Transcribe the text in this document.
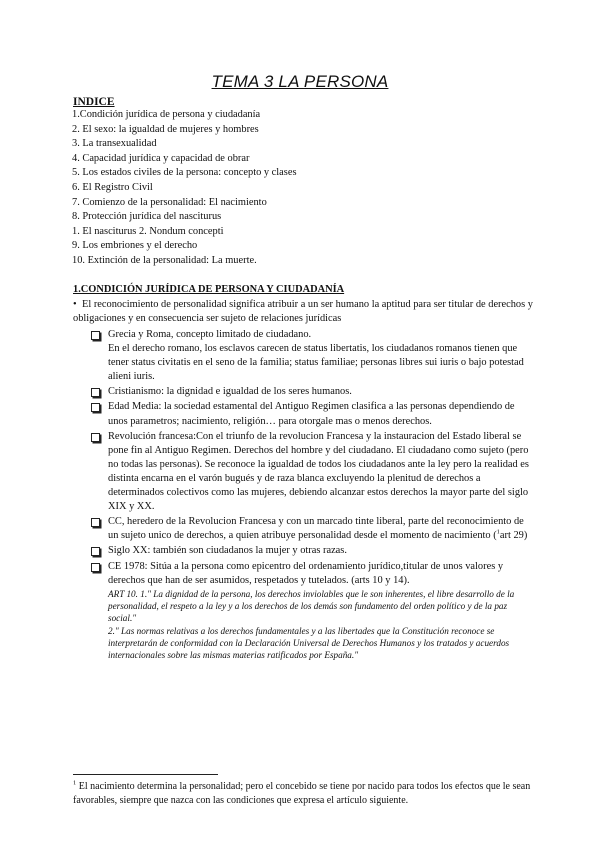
TEMA 3 LA PERSONA
INDICE
1.Condición jurídica de persona y ciudadanía
2. El sexo: la igualdad de mujeres y hombres
3. La transexualidad
4. Capacidad jurídica y capacidad de obrar
5. Los estados civiles de la persona: concepto y clases
6. El Registro Civil
7. Comienzo de la personalidad: El nacimiento
8. Protección jurídica del nasciturus
1. El nasciturus 2. Nondum concepti
9. Los embriones y el derecho
10. Extinción de la personalidad: La muerte.
1.CONDICIÓN JURÍDICA DE PERSONA Y CIUDADANÍA
• El reconocimiento de personalidad significa atribuir a un ser humano la aptitud para ser titular de derechos y obligaciones y en consecuencia ser sujeto de relaciones jurídicas
Grecia y Roma, concepto limitado de ciudadano.
En el derecho romano, los esclavos carecen de status libertatis, los ciudadanos romanos tienen que tener status civitatis en el seno de la familia; status familiae; personas libres sui iuris o bajo potestad alieni iuris.
Cristianismo: la dignidad e igualdad de los seres humanos.
Edad Media: la sociedad estamental del Antiguo Regimen clasifica a las personas dependiendo de unos parametros; nacimiento, religión… para otorgale mas o menos derechos.
Revolución francesa:Con el triunfo de la revolucion Francesa y la instauracion del Estado liberal se pone fin al Antiguo Regimen. Derechos del hombre y del ciudadano. El ciudadano como sujeto (pero no todas las personas). Se reconoce la igualdad de todos los ciudadanos ante la ley pero la realidad es distinta encarna en el varón bugués y de raza blanca excluyendo la plenitud de derechos a determinados colectivos como las mujeres, debiendo alcanzar estos derechos la mayor parte del siglo XIX y XX.
CC, heredero de la Revolucion Francesa y con un marcado tinte liberal, parte del reconocimiento de un sujeto unico de derechos, a quien atribuye personalidad desde el momento de nacimiento ($^1$art 29)
Siglo XX: también son ciudadanos la mujer y otras razas.
CE 1978: Sitúa a la persona como epicentro del ordenamiento jurídico,titular de unos valores y derechos que han de ser asumidos, respetados y tutelados. (arts 10 y 14).
ART 10. 1." La dignidad de la persona, los derechos inviolables que le son inherentes, el libre desarrollo de la personalidad, el respeto a la ley y a los derechos de los demás son fundamento del orden político y de la paz social."
2." Las normas relativas a los derechos fundamentales y a las libertades que la Constitución reconoce se interpretarán de conformidad con la Declaración Universal de Derechos Humanos y los tratados y acuerdos internacionales sobre las mismas materias ratificados por España."
$^1$ El nacimiento determina la personalidad; pero el concebido se tiene por nacido para todos los efectos que le sean favorables, siempre que nazca con las condiciones que expresa el artículo siguiente.
